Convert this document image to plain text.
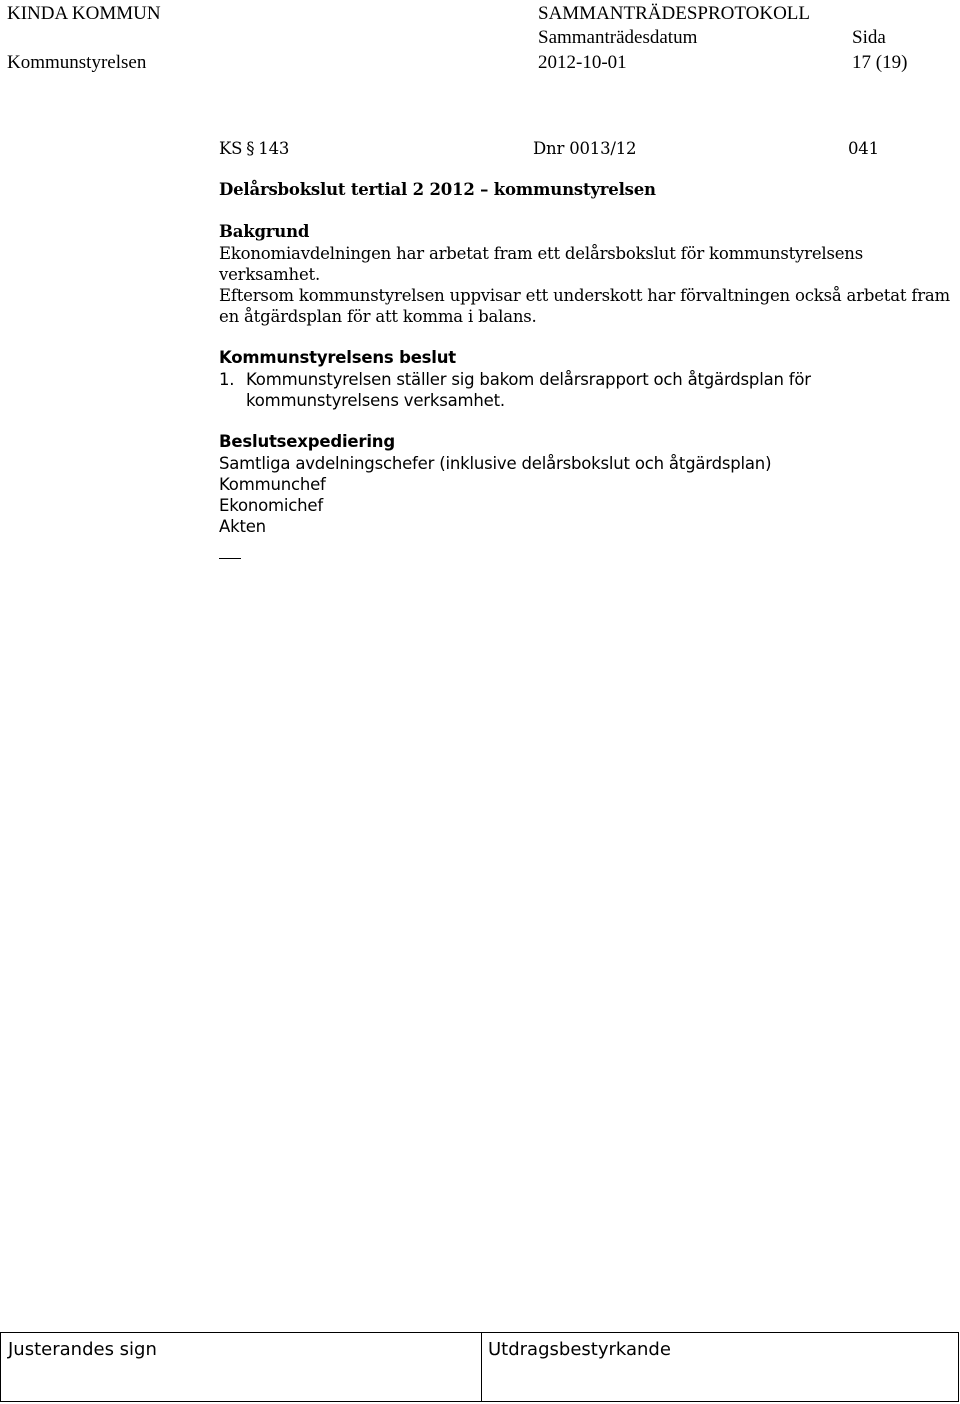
KINDA KOMMUN	SAMMANTRÄDESPROTOKOLL
Sammanträdesdatum	Sida
Kommunstyrelsen	2012-10-01	17 (19)
KS § 143	Dnr 0013/12	041
Delårsbokslut tertial 2 2012 – kommunstyrelsen
Bakgrund
Ekonomiavdelningen har arbetat fram ett delårsbokslut för kommunstyrelsens
verksamhet.
Eftersom kommunstyrelsen uppvisar ett underskott har förvaltningen också arbetat fram
en åtgärdsplan för att komma i balans.
Kommunstyrelsens beslut
1. Kommunstyrelsen ställer sig bakom delårsrapport och åtgärdsplan för
kommunstyrelsens verksamhet.
Beslutsexpediering
Samtliga avdelningschefer (inklusive delårsbokslut och åtgärdsplan)
Kommunchef
Ekonomichef
Akten
Justerandes sign	Utdragsbestyrkande
